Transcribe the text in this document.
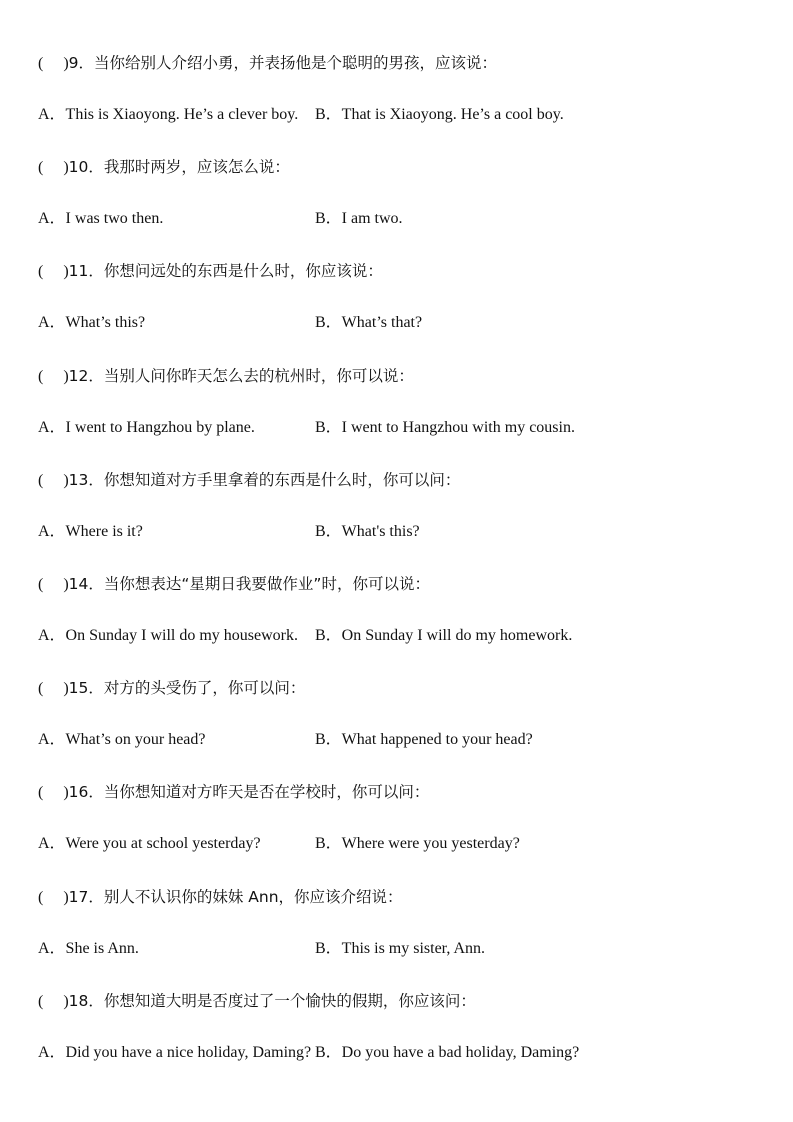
( )9．当你给别人介绍小勇，并表扬他是个聪明的男孩，应该说：
A．This is Xiaoyong. He’s a clever boy. B．That is Xiaoyong. He’s a cool boy.
( )10．我那时两岁，应该怎么说：
A．I was two then.	B．I am two.
( )11．你想问远处的东西是什么时，你应该说：
A．What’s this?	B．What’s that?
( )12．当别人问你昨天怎么去的杭州时，你可以说：
A．I went to Hangzhou by plane.	B．I went to Hangzhou with my cousin.
( )13．你想知道对方手里拿着的东西是什么时，你可以问：
A．Where is it?	B．What's this?
( )14．当你想表达“星期日我要做作业”时，你可以说：
A．On Sunday I will do my housework. B．On Sunday I will do my homework.
( )15．对方的头受伤了，你可以问：
A．What’s on your head?	B．What happened to your head?
( )16．当你想知道对方昨天是否在学校时，你可以问：
A．Were you at school yesterday?	B．Where were you yesterday?
( )17．别人不认识你的妹妹 Ann，你应该介绍说：
A．She is Ann.	B．This is my sister, Ann.
( )18．你想知道大明是否度过了一个愉快的假期，你应该问：
A．Did you have a nice holiday, Daming? B．Do you have a bad holiday, Daming?
